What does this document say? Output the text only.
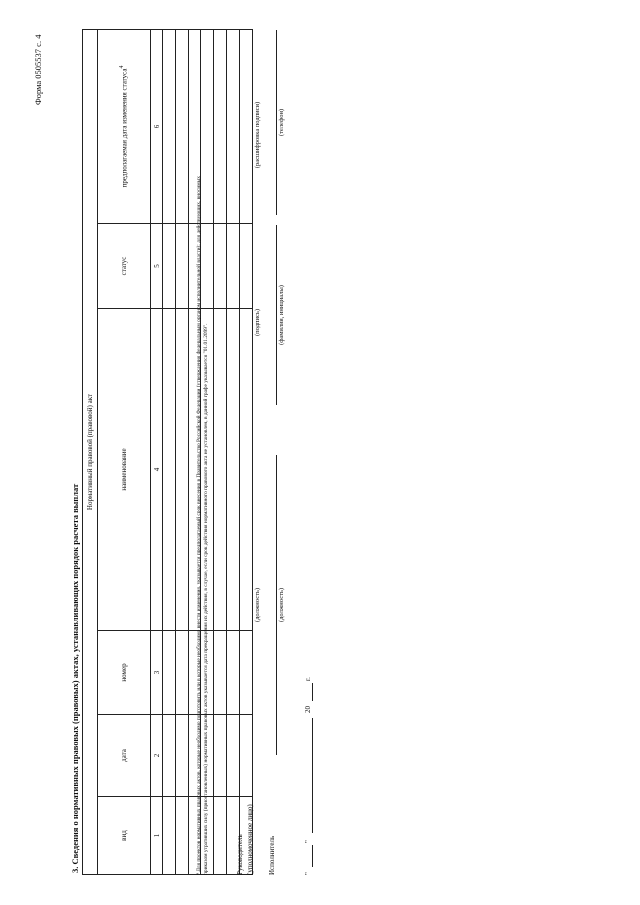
Форма 0505537 с. 4
3. Сведения о нормативных правовых (правовых) актах, устанавливающих порядок расчета выплат
Нормативный правовой (правовой) акт					
вид	дата	номер	наименование	статус	предполагаемая дата изменения статуса$^4$
1	2	3	4	5	6

⁴ Для проектов нормативных правовых актов, которые необходимо подготовить или в которые необходимо внести изменения, указывается предполагаемый срок внесения в Правительство Российской Федерации (утверждения федеральным органом исполнительной власти); для действующих, вносимых приказом утративших силу (приостановленных) нормативных правовых актов указывается дата прекращения их действия, в случае, если срок действия нормативного правового акта не установлен, в данной графе указывается "01.01.2099".	Руководитель (уполномоченное лицо)
(должность)
(подпись)
(расшифровка подписи)
Исполнитель
(должность)
(фамилия, инициалы)
(телефон)
"
"
20
г.
